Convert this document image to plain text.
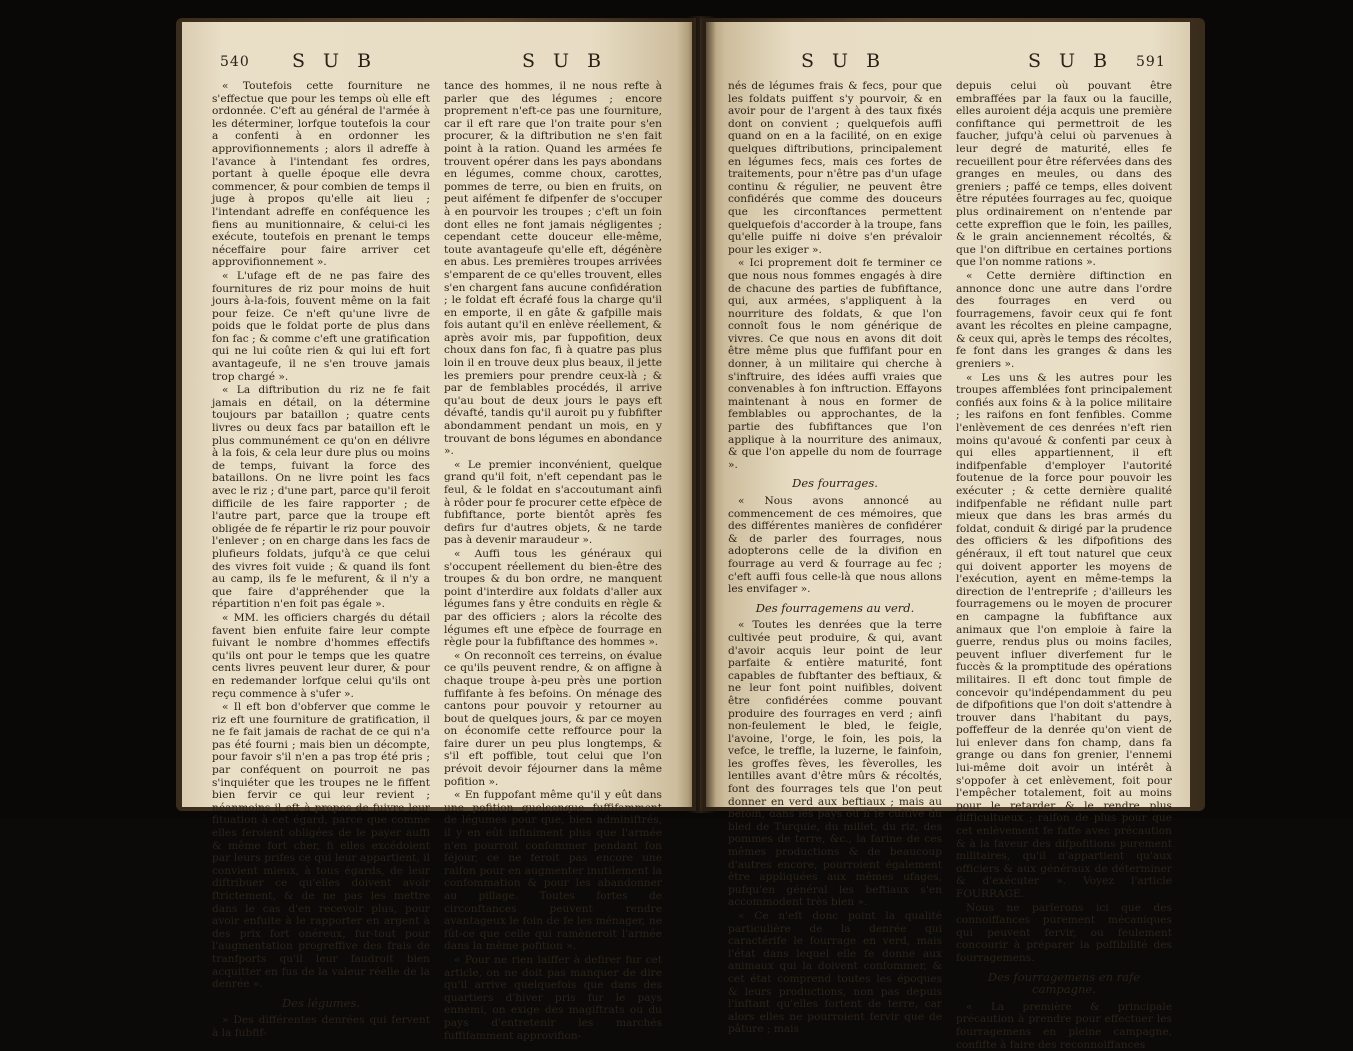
540 S U B	S U B

« Toutefois cette fourniture ne s'effectue que pour les temps où elle eft ordonnée. C'eft au général de l'armée à les déterminer, lorfque toutefois la cour a confenti à en ordonner les approvifionnements ; alors il adreffe à l'avance à l'intendant fes ordres, portant à quelle époque elle devra commencer, & pour combien de temps il juge à propos qu'elle ait lieu ; l'intendant adreffe en conféquence les fiens au munitionnaire, & celui-ci les exécute, toutefois en prenant le temps néceffaire pour faire arriver cet approvifionnement ».

« L'ufage eft de ne pas faire des fournitures de riz pour moins de huit jours à-la-fois, fouvent même on la fait pour feize. Ce n'eft qu'une livre de poids que le foldat porte de plus dans fon fac ; & comme c'eft une gratification qui ne lui coûte rien & qui lui eft fort avantageufe, il ne s'en trouve jamais trop chargé ».

« La diftribution du riz ne fe fait jamais en détail, on la détermine toujours par bataillon ; quatre cents livres ou deux facs par bataillon eft le plus communément ce qu'on en délivre à la fois, & cela leur dure plus ou moins de temps, fuivant la force des bataillons. On ne livre point les facs avec le riz ; d'une part, parce qu'il feroit difficile de les faire rapporter ; de l'autre part, parce que la troupe eft obligée de fe répartir le riz pour pouvoir l'enlever ; on en charge dans les facs de plufieurs foldats, jufqu'à ce que celui des vivres foit vuide ; & quand ils font au camp, ils fe le mefurent, & il n'y a que faire d'appréhender que la répartition n'en foit pas égale ».

« MM. les officiers chargés du détail favent bien enfuite faire leur compte fuivant le nombre d'hommes effectifs qu'ils ont pour le temps que les quatre cents livres peuvent leur durer, & pour en redemander lorfque celui qu'ils ont reçu commence à s'ufer ».

« Il eft bon d'obferver que comme le riz eft une fourniture de gratification, il ne fe fait jamais de rachat de ce qui n'a pas été fourni ; mais bien un décompte, pour favoir s'il n'en a pas trop été pris ; par conféquent on pourroit ne pas s'inquiéter que les troupes ne le fiffent bien fervir ce qui leur revient ; néanmoins il eft à propos de fuivre leur fituation à cet égard, parce que comme elles feroient obligées de le payer auffi & même fort cher, fi elles excédoient par leurs prifes ce qui leur appartient, il convient mieux, à tous égards, de leur diftribuer ce qu'elles doivent avoir ftrictement, & de ne pas les mettre dans le cas d'en recevoir plus, pour avoir enfuite à le rapporter en argent à des prix fort onéreux, fur-tout pour l'augmentation progreffive des frais de tranfports qu'il leur faudroit bien acquitter en fus de la valeur réelle de la denrée ».

Des légumes.

» Des différentes denrées qui fervent à la fubfif-

tance des hommes, il ne nous refte à parler que des légumes ; encore proprement n'eft-ce pas une fourniture, car il eft rare que l'on traite pour s'en procurer, & la diftribution ne s'en fait point à la ration. Quand les armées fe trouvent opérer dans les pays abondans en légumes, comme choux, carottes, pommes de terre, ou bien en fruits, on peut aifément fe difpenfer de s'occuper à en pourvoir les troupes ; c'eft un foin dont elles ne font jamais négligentes ; cependant cette douceur elle-même, toute avantageufe qu'elle eft, dégénère en abus. Les premières troupes arrivées s'emparent de ce qu'elles trouvent, elles s'en chargent fans aucune confidération ; le foldat eft écrafé fous la charge qu'il en emporte, il en gâte & gafpille mais fois autant qu'il en enlève réellement, & après avoir mis, par fuppofition, deux choux dans fon fac, fi à quatre pas plus loin il en trouve deux plus beaux, il jette les premiers pour prendre ceux-là ; & par de femblables procédés, il arrive qu'au bout de deux jours le pays eft dévafté, tandis qu'il auroit pu y fubfifter abondamment pendant un mois, en y trouvant de bons légumes en abondance ».

« Le premier inconvénient, quelque grand qu'il foit, n'eft cependant pas le feul, & le foldat en s'accoutumant ainfi à rôder pour fe procurer cette efpèce de fubfiftance, porte bientôt après fes defirs fur d'autres objets, & ne tarde pas à devenir maraudeur ».

« Auffi tous les généraux qui s'occupent réellement du bien-être des troupes & du bon ordre, ne manquent point d'interdire aux foldats d'aller aux légumes fans y être conduits en règle & par des officiers ; alors la récolte des légumes eft une efpèce de fourrage en règle pour la fubfiftance des hommes ».

« On reconnoît ces terreins, on évalue ce qu'ils peuvent rendre, & on affigne à chaque troupe à-peu près une portion fuffifante à fes befoins. On ménage des cantons pour pouvoir y retourner au bout de quelques jours, & par ce moyen on économife cette reffource pour la faire durer un peu plus longtemps, & s'il eft poffible, tout celui que l'on prévoit devoir féjourner dans la même pofition ».

« En fuppofant même qu'il y eût dans une pofition quelconque fuffifamment de légumes pour que, bien adminiftrés, il y en eût infiniment plus que l'armée n'en pourroit confommer pendant fon féjour, ce ne feroit pas encore une raifon pour en augmenter inutilement la confommation & pour les abandonner au pillage. Toutes fortes de circonftances peuvent rendre avantageux le foin de fe les ménager, ne fût-ce que celle qui ramèneroit l'armée dans la même pofition ».

« Pour ne rien laiffer à defirer fur cet article, on ne doit pas manquer de dire qu'il arrive quelquefois que dans des quartiers d'hiver pris fur le pays ennemi, on exige des magiftrats ou du pays d'entretenir les marchés fuffifamment approvifion-

S U B	S U B 591

nés de légumes frais & fecs, pour que les foldats puiffent s'y pourvoir, & en avoir pour de l'argent à des taux fixés dont on convient ; quelquefois auffi quand on en a la facilité, on en exige quelques diftributions, principalement en légumes fecs, mais ces fortes de traitements, pour n'être pas d'un ufage continu & régulier, ne peuvent être confidérés que comme des douceurs que les circonftances permettent quelquefois d'accorder à la troupe, fans qu'elle puiffe ni doive s'en prévaloir pour les exiger ».

« Ici proprement doit fe terminer ce que nous nous fommes engagés à dire de chacune des parties de fubfiftance, qui, aux armées, s'appliquent à la nourriture des foldats, & que l'on connoît fous le nom générique de vivres. Ce que nous en avons dit doit être même plus que fuffifant pour en donner, à un militaire qui cherche à s'inftruire, des idées auffi vraies que convenables à fon inftruction. Effayons maintenant à nous en former de femblables ou approchantes, de la partie des fubfiftances que l'on applique à la nourriture des animaux, & que l'on appelle du nom de fourrage ».

Des fourrages.

« Nous avons annoncé au commencement de ces mémoires, que des différentes manières de confidérer & de parler des fourrages, nous adopterons celle de la divifion en fourrage au verd & fourrage au fec ; c'eft auffi fous celle-là que nous allons les envifager ».

Des fourragemens au verd.

« Toutes les denrées que la terre cultivée peut produire, & qui, avant d'avoir acquis leur point de leur parfaite & entière maturité, font capables de fubftanter des beftiaux, & ne leur font point nuifibles, doivent être confidérées comme pouvant produire des fourrages en verd ; ainfi non-feulement le bled, le feigle, l'avoine, l'orge, le foin, les pois, la vefce, le treffle, la luzerne, le fainfoin, les groffes fèves, les fèverolles, les lentilles avant d'être mûrs & récoltés, font des fourrages tels que l'on peut donner en verd aux beftiaux ; mais au befoin, dans les pays où il fe cultive du bled de Turquie, du millet, du riz, des pommes de terre, &c., la farine de ces mêmes productions & de beaucoup d'autres encore, pourroient également être appliquées aux mêmes ufages, pufqu'en général les beftiaux s'en accommodent très bien ».

« Ce n'eft donc point la qualité particulière de la denrée qui caractérife le fourrage en verd, mais l'état dans lequel elle fe donne aux animaux qui la doivent confommer, & cet état comprend toutes les époques & leurs productions, non pas depuis l'inftant qu'elles fortent de terre, car alors elles ne pourroient fervir que de pâture ; mais

depuis celui où pouvant être embraffées par la faux ou la faucille, elles auroient déja acquis une première confiftance qui permettroit de les faucher, jufqu'à celui où parvenues à leur degré de maturité, elles fe recueillent pour être réfervées dans des granges en meules, ou dans des greniers ; paffé ce temps, elles doivent être réputées fourrages au fec, quoique plus ordinairement on n'entende par cette expreffion que le foin, les pailles, & le grain anciennement récoltés, & que l'on diftribue en certaines portions que l'on nomme rations ».

« Cette dernière diftinction en annonce donc une autre dans l'ordre des fourrages en verd ou fourragemens, favoir ceux qui fe font avant les récoltes en pleine campagne, & ceux qui, après le temps des récoltes, fe font dans les granges & dans les greniers ».

« Les uns & les autres pour les troupes affemblées font principalement confiés aux foins & à la police militaire ; les raifons en font fenfibles. Comme l'enlèvement de ces denrées n'eft rien moins qu'avoué & confenti par ceux à qui elles appartiennent, il eft indifpenfable d'employer l'autorité foutenue de la force pour pouvoir les exécuter ; & cette dernière qualité indifpenfable ne réfidant nulle part mieux que dans les bras armés du foldat, conduit & dirigé par la prudence des officiers & les difpofitions des généraux, il eft tout naturel que ceux qui doivent apporter les moyens de l'exécution, ayent en même-temps la direction de l'entreprife ; d'ailleurs les fourragemens ou le moyen de procurer en campagne la fubfiftance aux animaux que l'on emploie à faire la guerre, rendus plus ou moins faciles, peuvent influer diverfement fur le fuccès & la promptitude des opérations militaires. Il eft donc tout fimple de concevoir qu'indépendamment du peu de difpofitions que l'on doit s'attendre à trouver dans l'habitant du pays, poffeffeur de la denrée qu'on vient de lui enlever dans fon champ, dans fa grange ou dans fon grenier, l'ennemi lui-même doit avoir un intérêt à s'oppofer à cet enlèvement, foit pour l'empêcher totalement, foit au moins pour le retarder & le rendre plus difficultueux ; raifon de plus pour que cet enlèvement fe faffe avec précaution & à la faveur des difpofitions purement militaires, qu'il n'appartient qu'aux officiers & aux généraux de déterminer & d'exécuter ». Voyez l'article FOURRAGE.

Nous ne parlerons ici que des connoiffances purement mécaniques qui peuvent fervir, ou feulement concourir à préparer la poffibilité des fourragemens.

Des fourragemens en rafe campagne.

« La première & principale précaution à prendre pour effectuer les fourragemens en pleine campagne, confifte à faire des reconnoiffances
